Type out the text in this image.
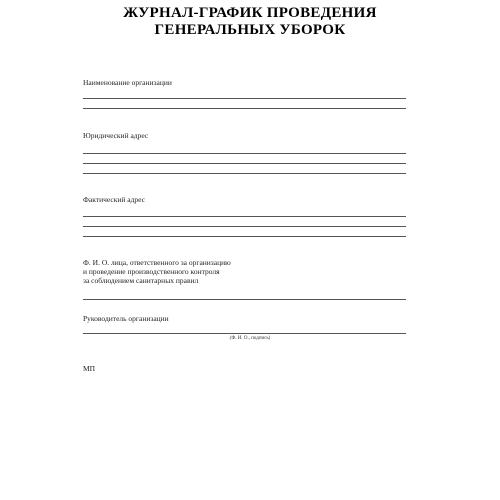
ЖУРНАЛ-ГРАФИК ПРОВЕДЕНИЯ
ГЕНЕРАЛЬНЫХ УБОРОК
Наименование организации
Юридический адрес
Фактический адрес
Ф. И. О. лица, ответственного за организацию
и проведение производственного контроля
за соблюдением санитарных правил
Руководитель организации
(Ф. И. О., подпись)
МП
